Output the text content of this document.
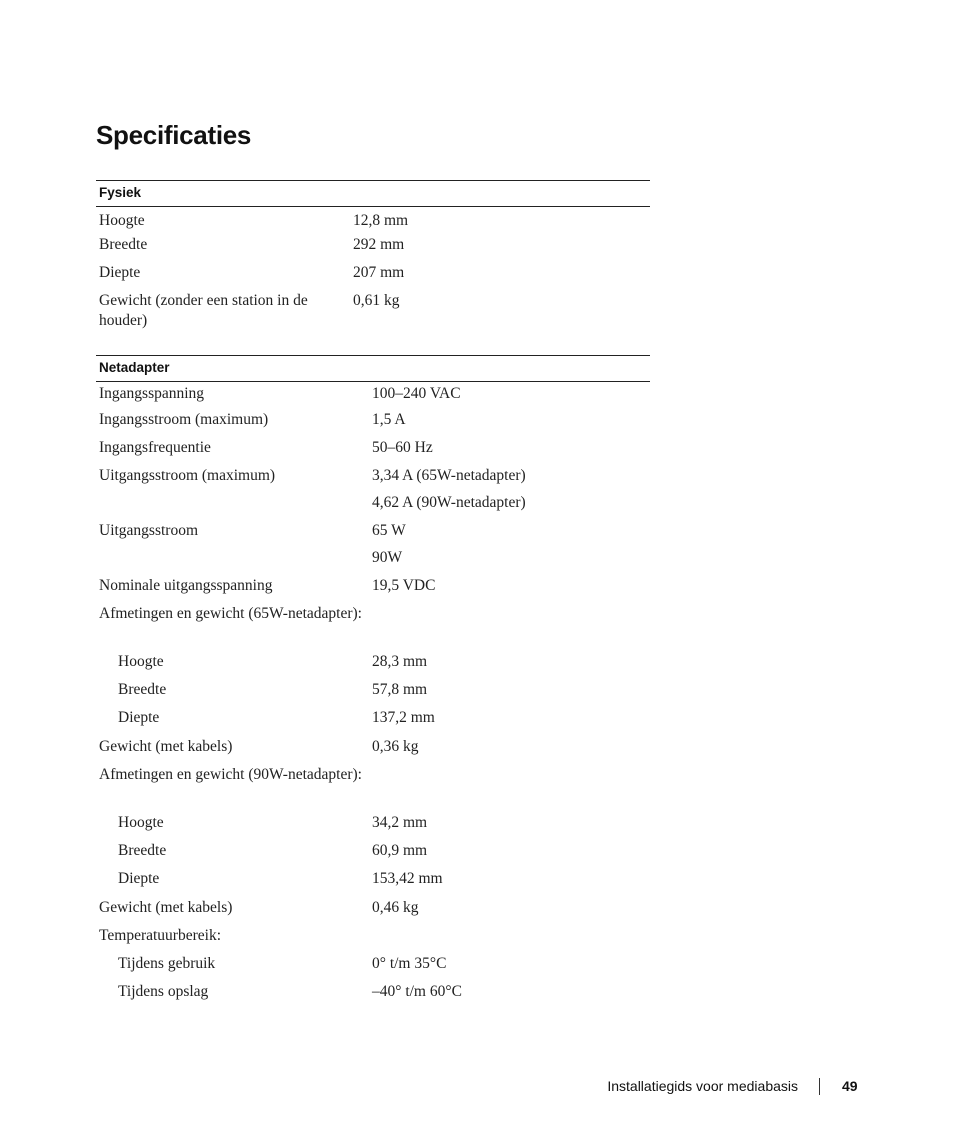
Specificaties
Fysiek
Hoogte	12,8 mm
Breedte	292 mm
Diepte	207 mm
Gewicht (zonder een station in de houder)	0,61 kg
Netadapter
Ingangsspanning	100–240 VAC
Ingangsstroom (maximum)	1,5 A
Ingangsfrequentie	50–60 Hz
Uitgangsstroom (maximum)	3,34 A (65W-netadapter)
	4,62 A (90W-netadapter)
Uitgangsstroom	65 W
	90W
Nominale uitgangsspanning	19,5 VDC
Afmetingen en gewicht (65W-netadapter):	
Hoogte	28,3 mm
Breedte	57,8 mm
Diepte	137,2 mm
Gewicht (met kabels)	0,36 kg
Afmetingen en gewicht (90W-netadapter):	
Hoogte	34,2 mm
Breedte	60,9 mm
Diepte	153,42 mm
Gewicht (met kabels)	0,46 kg
Temperatuurbereik:	
Tijdens gebruik	0° t/m 35°C
Tijdens opslag	–40° t/m 60°C
Installatiegids voor mediabasis	49
